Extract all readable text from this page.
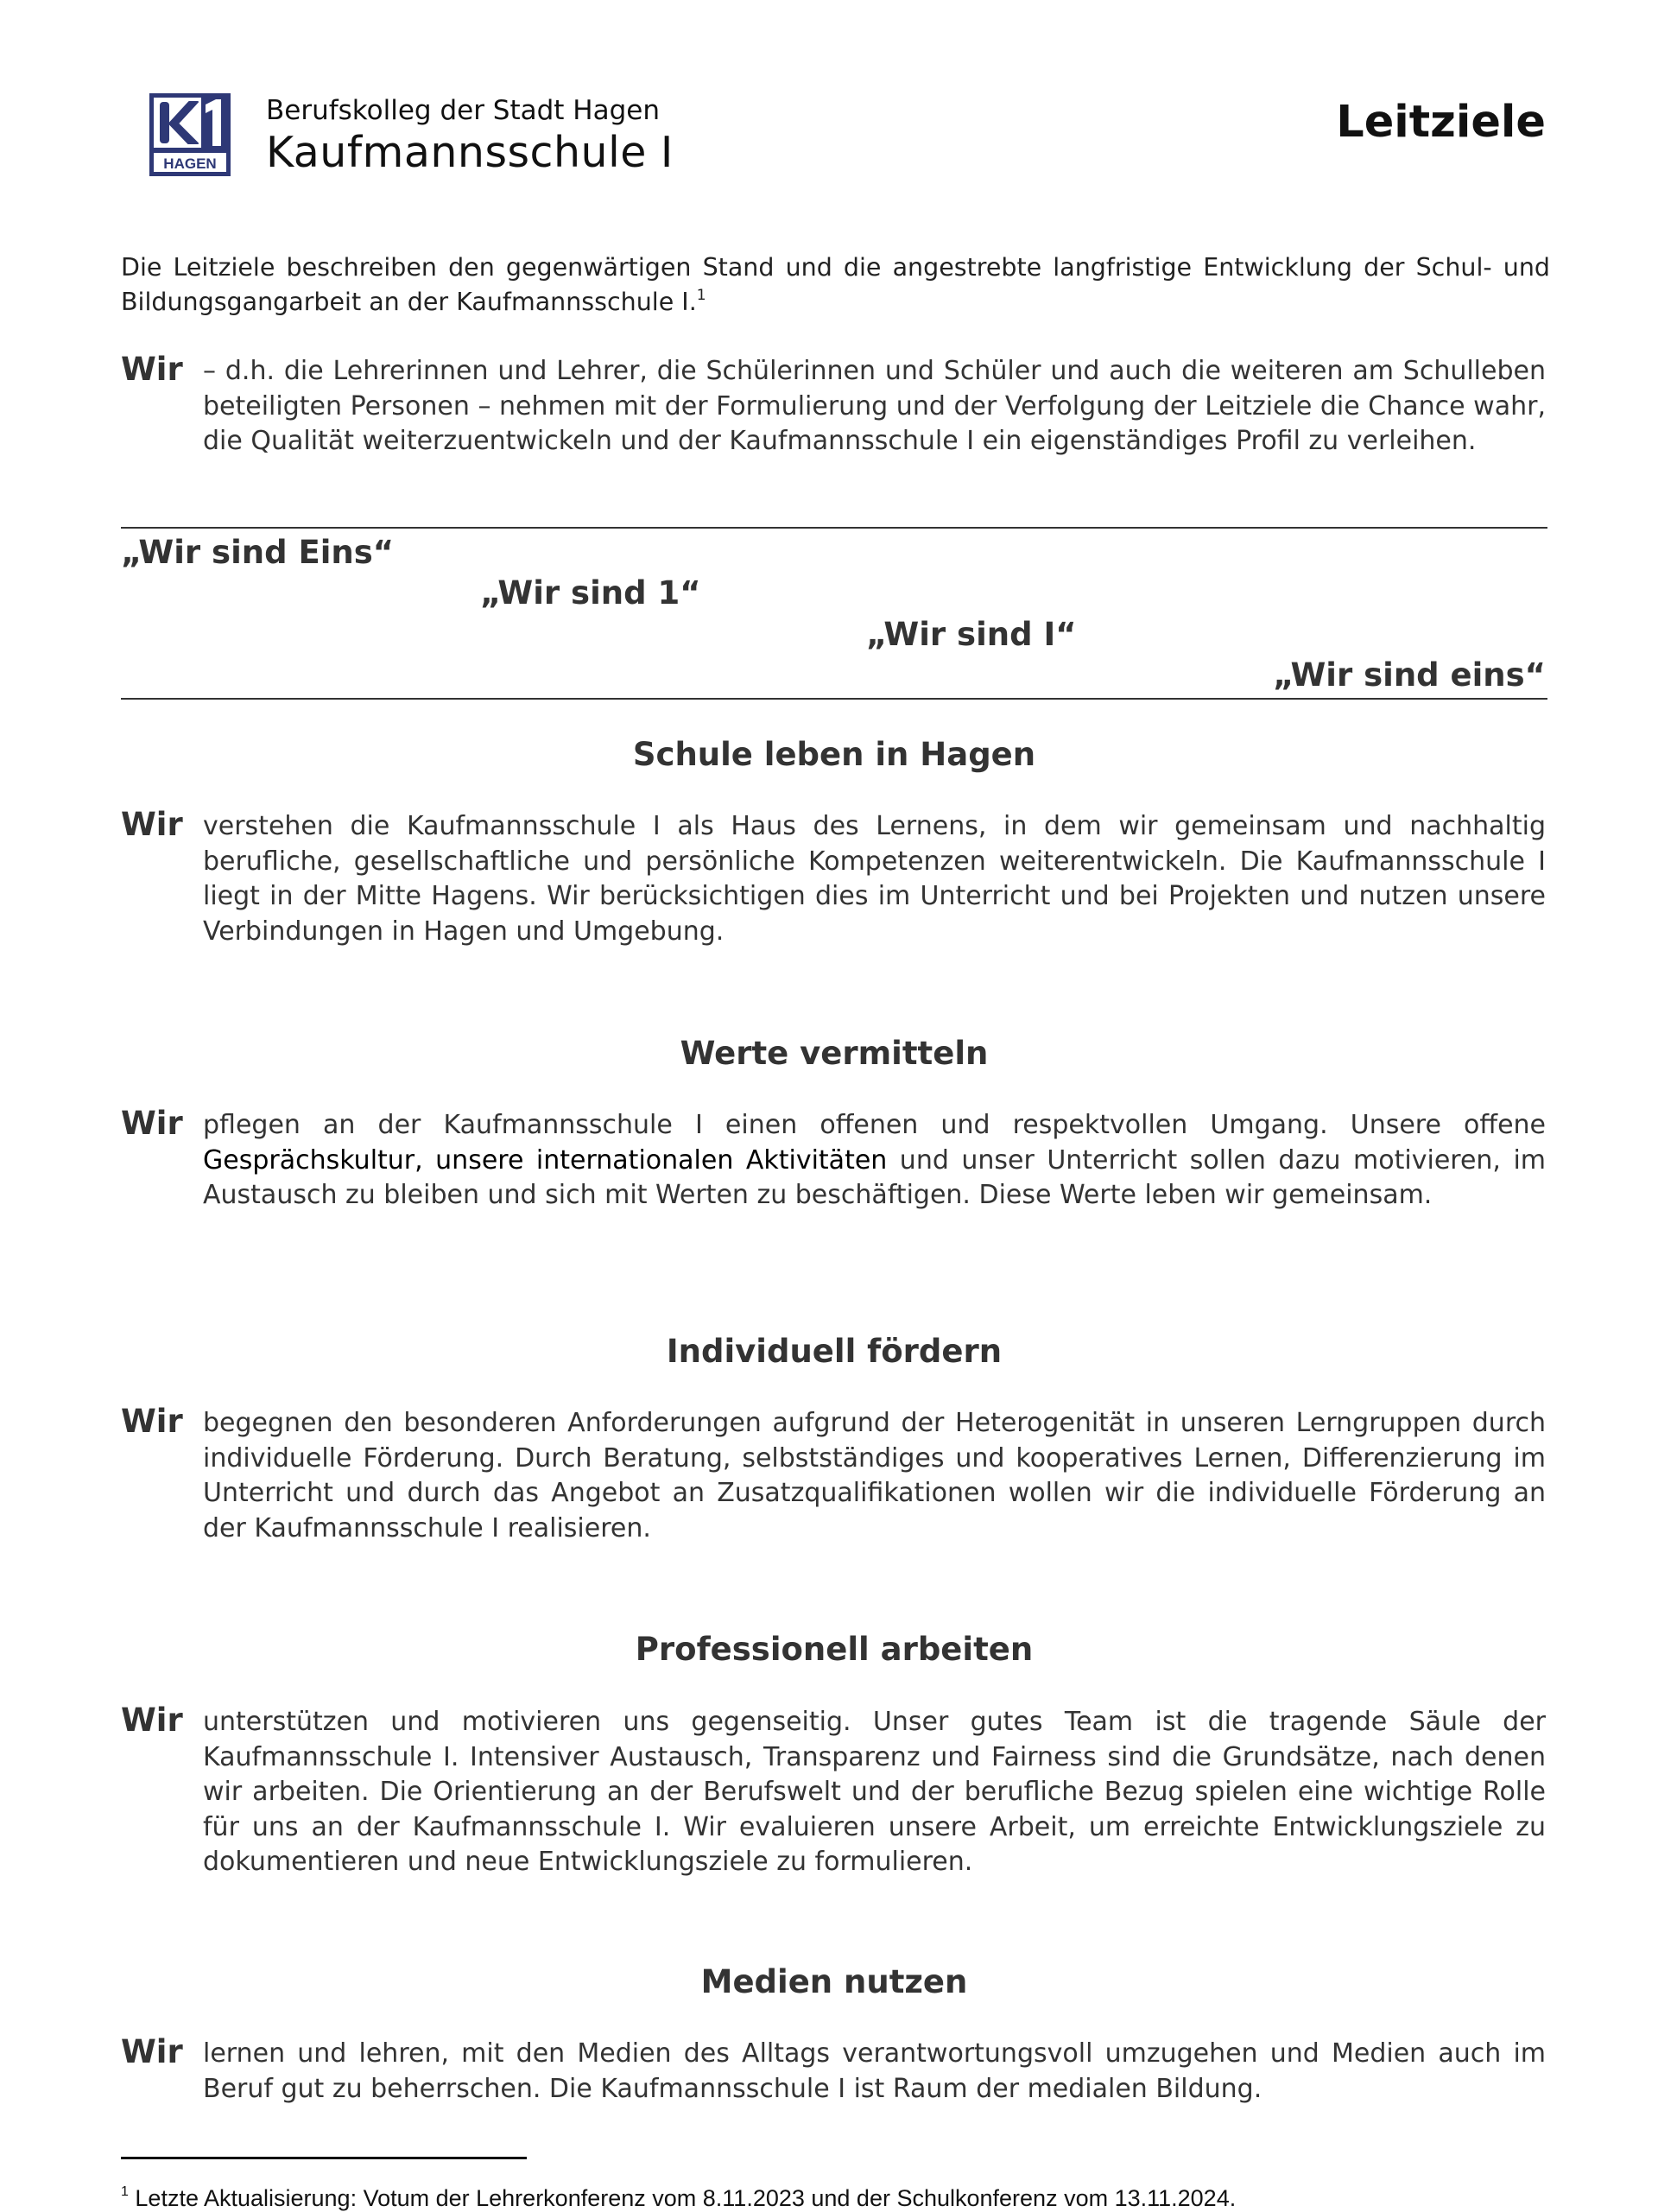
HAGEN
Berufskolleg der Stadt Hagen
Kaufmannsschule I
Leitziele
Die Leitziele beschreiben den gegenwärtigen Stand und die angestrebte langfristige Entwicklung der Schul- und Bildungsgangarbeit an der Kaufmannsschule I.$^1$
Wir – d.h. die Lehrerinnen und Lehrer, die Schülerinnen und Schüler und auch die weiteren am Schulleben beteiligten Personen – nehmen mit der Formulierung und der Verfolgung der Leitziele die Chance wahr, die Qualität weiterzuentwickeln und der Kaufmannsschule I ein eigenständiges Profil zu verleihen.
„Wir sind Eins“
„Wir sind 1“
„Wir sind I“
„Wir sind eins“
Schule leben in Hagen
Wir verstehen die Kaufmannsschule I als Haus des Lernens, in dem wir gemeinsam und nachhaltig berufliche, gesellschaftliche und persönliche Kompetenzen weiterentwickeln. Die Kaufmannsschule I liegt in der Mitte Hagens. Wir berücksichtigen dies im Unterricht und bei Projekten und nutzen unsere Verbindungen in Hagen und Umgebung.
Werte vermitteln
Wir pflegen an der Kaufmannsschule I einen offenen und respektvollen Umgang. Unsere offene Gesprächskultur, unsere internationalen Aktivitäten und unser Unterricht sollen dazu motivieren, im Austausch zu bleiben und sich mit Werten zu beschäftigen. Diese Werte leben wir gemeinsam.
Individuell fördern
Wir begegnen den besonderen Anforderungen aufgrund der Heterogenität in unseren Lerngruppen durch individuelle Förderung. Durch Beratung, selbstständiges und kooperatives Lernen, Differenzierung im Unterricht und durch das Angebot an Zusatzqualifikationen wollen wir die individuelle Förderung an der Kaufmannsschule I realisieren.
Professionell arbeiten
Wir unterstützen und motivieren uns gegenseitig. Unser gutes Team ist die tragende Säule der Kaufmannsschule I. Intensiver Austausch, Transparenz und Fairness sind die Grundsätze, nach denen wir arbeiten. Die Orientierung an der Berufswelt und der berufliche Bezug spielen eine wichtige Rolle für uns an der Kaufmannsschule I. Wir evaluieren unsere Arbeit, um erreichte Entwicklungsziele zu dokumentieren und neue Entwicklungsziele zu formulieren.
Medien nutzen
Wir lernen und lehren, mit den Medien des Alltags verantwortungsvoll umzugehen und Medien auch im Beruf gut zu beherrschen. Die Kaufmannsschule I ist Raum der medialen Bildung.
$^1$ Letzte Aktualisierung: Votum der Lehrerkonferenz vom 8.11.2023 und der Schulkonferenz vom 13.11.2024.
